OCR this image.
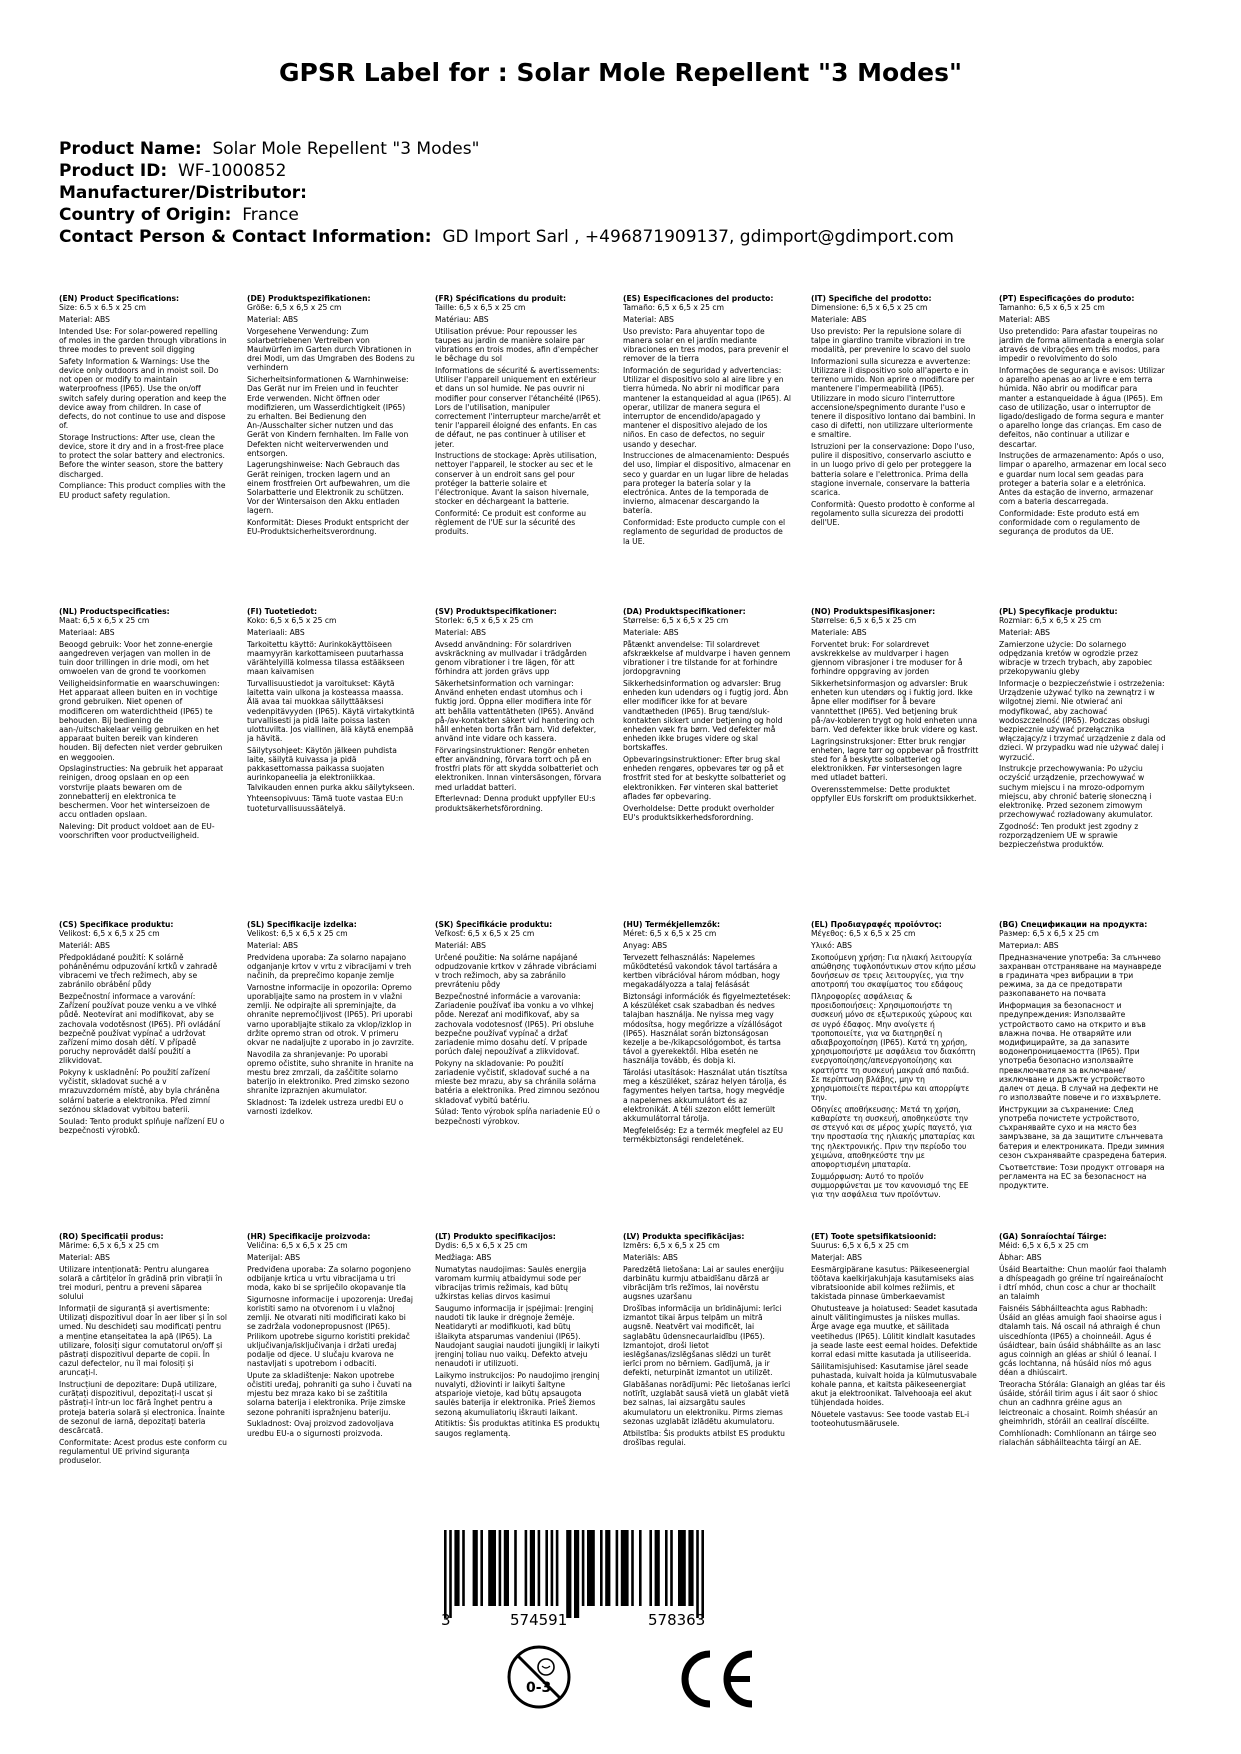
GPSR Label for : Solar Mole Repellent "3 Modes"
Product Name: Solar Mole Repellent "3 Modes"
Product ID: WF-1000852
Manufacturer/Distributor:
Country of Origin: France
Contact Person & Contact Information: GD Import Sarl , +496871909137, gdimport@gdimport.com
(EN) Product Specifications:

Size: 6.5 x 6.5 x 25 cm

Material: ABS

Intended Use: For solar-powered repelling of moles in the garden through vibrations in three modes to prevent soil digging

Safety Information & Warnings: Use the device only outdoors and in moist soil. Do not open or modify to maintain waterproofness (IP65). Use the on/off switch safely during operation and keep the device away from children. In case of defects, do not continue to use and dispose of.

Storage Instructions: After use, clean the device, store it dry and in a frost-free place to protect the solar battery and electronics. Before the winter season, store the battery discharged.

Compliance: This product complies with the EU product safety regulation.

(DE) Produktspezifikationen:

Größe: 6,5 x 6,5 x 25 cm

Material: ABS

Vorgesehene Verwendung: Zum solarbetriebenen Vertreiben von Maulwürfen im Garten durch Vibrationen in drei Modi, um das Umgraben des Bodens zu verhindern

Sicherheitsinformationen & Warnhinweise: Das Gerät nur im Freien und in feuchter Erde verwenden. Nicht öffnen oder modifizieren, um Wasserdichtigkeit (IP65) zu erhalten. Bei Bedienung den An-/Ausschalter sicher nutzen und das Gerät von Kindern fernhalten. Im Falle von Defekten nicht weiterverwenden und entsorgen.

Lagerungshinweise: Nach Gebrauch das Gerät reinigen, trocken lagern und an einem frostfreien Ort aufbewahren, um die Solarbatterie und Elektronik zu schützen. Vor der Wintersaison den Akku entladen lagern.

Konformität: Dieses Produkt entspricht der EU-Produktsicherheitsverordnung.

(FR) Spécifications du produit:

Taille: 6,5 x 6,5 x 25 cm

Matériau: ABS

Utilisation prévue: Pour repousser les taupes au jardin de manière solaire par vibrations en trois modes, afin d'empêcher le bêchage du sol

Informations de sécurité & avertissements: Utiliser l'appareil uniquement en extérieur et dans un sol humide. Ne pas ouvrir ni modifier pour conserver l'étanchéité (IP65). Lors de l'utilisation, manipuler correctement l'interrupteur marche/arrêt et tenir l'appareil éloigné des enfants. En cas de défaut, ne pas continuer à utiliser et jeter.

Instructions de stockage: Après utilisation, nettoyer l'appareil, le stocker au sec et le conserver à un endroit sans gel pour protéger la batterie solaire et l'électronique. Avant la saison hivernale, stocker en déchargeant la batterie.

Conformité: Ce produit est conforme au règlement de l'UE sur la sécurité des produits.

(ES) Especificaciones del producto:

Tamaño: 6,5 x 6,5 x 25 cm

Material: ABS

Uso previsto: Para ahuyentar topo de manera solar en el jardín mediante vibraciones en tres modos, para prevenir el remover de la tierra

Información de seguridad y advertencias: Utilizar el dispositivo solo al aire libre y en tierra húmeda. No abrir ni modificar para mantener la estanqueidad al agua (IP65). Al operar, utilizar de manera segura el interruptor de encendido/apagado y mantener el dispositivo alejado de los niños. En caso de defectos, no seguir usando y desechar.

Instrucciones de almacenamiento: Después del uso, limpiar el dispositivo, almacenar en seco y guardar en un lugar libre de heladas para proteger la batería solar y la electrónica. Antes de la temporada de invierno, almacenar descargando la batería.

Conformidad: Este producto cumple con el reglamento de seguridad de productos de la UE.

(IT) Specifiche del prodotto:

Dimensione: 6,5 x 6,5 x 25 cm

Materiale: ABS

Uso previsto: Per la repulsione solare di talpe in giardino tramite vibrazioni in tre modalità, per prevenire lo scavo del suolo

Informazioni sulla sicurezza e avvertenze: Utilizzare il dispositivo solo all'aperto e in terreno umido. Non aprire o modificare per mantenere l'impermeabilità (IP65). Utilizzare in modo sicuro l'interruttore accensione/spegnimento durante l'uso e tenere il dispositivo lontano dai bambini. In caso di difetti, non utilizzare ulteriormente e smaltire.

Istruzioni per la conservazione: Dopo l'uso, pulire il dispositivo, conservarlo asciutto e in un luogo privo di gelo per proteggere la batteria solare e l'elettronica. Prima della stagione invernale, conservare la batteria scarica.

Conformità: Questo prodotto è conforme al regolamento sulla sicurezza dei prodotti dell'UE.

(PT) Especificações do produto:

Tamanho: 6,5 x 6,5 x 25 cm

Material: ABS

Uso pretendido: Para afastar toupeiras no jardim de forma alimentada a energia solar através de vibrações em três modos, para impedir o revolvimento do solo

Informações de segurança e avisos: Utilizar o aparelho apenas ao ar livre e em terra húmida. Não abrir ou modificar para manter a estanqueidade à água (IP65). Em caso de utilização, usar o interruptor de ligado/desligado de forma segura e manter o aparelho longe das crianças. Em caso de defeitos, não continuar a utilizar e descartar.

Instruções de armazenamento: Após o uso, limpar o aparelho, armazenar em local seco e guardar num local sem geadas para proteger a bateria solar e a eletrónica. Antes da estação de inverno, armazenar com a bateria descarregada.

Conformidade: Este produto está em conformidade com o regulamento de segurança de produtos da UE.

(NL) Productspecificaties:

Maat: 6,5 x 6,5 x 25 cm

Materiaal: ABS

Beoogd gebruik: Voor het zonne-energie aangedreven verjagen van mollen in de tuin door trillingen in drie modi, om het omwoelen van de grond te voorkomen

Veiligheidsinformatie en waarschuwingen: Het apparaat alleen buiten en in vochtige grond gebruiken. Niet openen of modificeren om waterdichtheid (IP65) te behouden. Bij bediening de aan-/uitschakelaar veilig gebruiken en het apparaat buiten bereik van kinderen houden. Bij defecten niet verder gebruiken en weggooien.

Opslaginstructies: Na gebruik het apparaat reinigen, droog opslaan en op een vorstvrije plaats bewaren om de zonnebatterij en elektronica te beschermen. Voor het winterseizoen de accu ontladen opslaan.

Naleving: Dit product voldoet aan de EU-voorschriften voor productveiligheid.

(FI) Tuotetiedot:

Koko: 6,5 x 6,5 x 25 cm

Materiaali: ABS

Tarkoitettu käyttö: Aurinkokäyttöiseen maamyyrän karkottamiseen puutarhassa värähtelyillä kolmessa tilassa estääkseen maan kaivamisen

Turvallisuustiedot ja varoitukset: Käytä laitetta vain ulkona ja kosteassa maassa. Älä avaa tai muokkaa säilyttääksesi vedenpitävyyden (IP65). Käytä virtakytkintä turvallisesti ja pidä laite poissa lasten ulottuvilta. Jos viallinen, älä käytä enempää ja hävitä.

Säilytysohjeet: Käytön jälkeen puhdista laite, säilytä kuivassa ja pidä pakkasettomassa paikassa suojaten aurinkopaneelia ja elektroniikkaa. Talvikauden ennen purka akku säilytykseen.

Yhteensopivuus: Tämä tuote vastaa EU:n tuoteturvallisuussäätelyä.

(SV) Produktspecifikationer:

Storlek: 6,5 x 6,5 x 25 cm

Material: ABS

Avsedd användning: För solardriven avskräckning av mullvadar i trädgården genom vibrationer i tre lägen, för att förhindra att jorden grävs upp

Säkerhetsinformation och varningar: Använd enheten endast utomhus och i fuktig jord. Öppna eller modifiera inte för att behålla vattentätheten (IP65). Använd på-/av-kontakten säkert vid hantering och håll enheten borta från barn. Vid defekter, använd inte vidare och kassera.

Förvaringsinstruktioner: Rengör enheten efter användning, förvara torrt och på en frostfri plats för att skydda solbatteriet och elektroniken. Innan vintersäsongen, förvara med urladdat batteri.

Efterlevnad: Denna produkt uppfyller EU:s produktsäkerhetsförordning.

(DA) Produktspecifikationer:

Størrelse: 6,5 x 6,5 x 25 cm

Materiale: ABS

Påtænkt anvendelse: Til solardrevet afskrækkelse af muldvarpe i haven gennem vibrationer i tre tilstande for at forhindre jordopgravning

Sikkerhedsinformation og advarsler: Brug enheden kun udendørs og i fugtig jord. Åbn eller modificer ikke for at bevare vandtætheden (IP65). Brug tænd/sluk-kontakten sikkert under betjening og hold enheden væk fra børn. Ved defekter må enheden ikke bruges videre og skal bortskaffes.

Opbevaringsinstruktioner: Efter brug skal enheden rengøres, opbevares tør og på et frostfrit sted for at beskytte solbatteriet og elektronikken. Før vinteren skal batteriet aflades før opbevaring.

Overholdelse: Dette produkt overholder EU's produktsikkerhedsforordning.

(NO) Produktspesifikasjoner:

Størrelse: 6,5 x 6,5 x 25 cm

Materiale: ABS

Forventet bruk: For solardrevet avskrekkelse av muldvarper i hagen gjennom vibrasjoner i tre moduser for å forhindre oppgraving av jorden

Sikkerhetsinformasjon og advarsler: Bruk enheten kun utendørs og i fuktig jord. Ikke åpne eller modifiser for å bevare vanntetthet (IP65). Ved betjening bruk på-/av-kobleren trygt og hold enheten unna barn. Ved defekter ikke bruk videre og kast.

Lagringsinstruksjoner: Etter bruk rengjør enheten, lagre tørr og oppbevar på frostfritt sted for å beskytte solbatteriet og elektronikken. Før vintersesongen lagre med utladet batteri.

Overensstemmelse: Dette produktet oppfyller EUs forskrift om produktsikkerhet.

(PL) Specyfikacje produktu:

Rozmiar: 6,5 x 6,5 x 25 cm

Materiał: ABS

Zamierzone użycie: Do solarnego odpędzania kretów w ogrodzie przez wibracje w trzech trybach, aby zapobiec przekopywaniu gleby

Informacje o bezpieczeństwie i ostrzeżenia: Urządzenie używać tylko na zewnątrz i w wilgotnej ziemi. Nie otwierać ani modyfikować, aby zachować wodoszczelność (IP65). Podczas obsługi bezpiecznie używać przełącznika włączający/z i trzymać urządzenie z dala od dzieci. W przypadku wad nie używać dalej i wyrzucić.

Instrukcje przechowywania: Po użyciu oczyścić urządzenie, przechowywać w suchym miejscu i na mrozo-odpornym miejscu, aby chronić baterię słoneczną i elektronikę. Przed sezonem zimowym przechowywać rozładowany akumulator.

Zgodność: Ten produkt jest zgodny z rozporządzeniem UE w sprawie bezpieczeństwa produktów.

(CS) Specifikace produktu:

Velikost: 6,5 x 6,5 x 25 cm

Materiál: ABS

Předpokládané použití: K solárně poháněnému odpuzování krtků v zahradě vibracemi ve třech režimech, aby se zabránilo obrábění půdy

Bezpečnostní informace a varování: Zařízení používat pouze venku a ve vlhké půdě. Neotevírat ani modifikovat, aby se zachovala vodotěsnost (IP65). Při ovládání bezpečně používat vypínač a udržovat zařízení mimo dosah dětí. V případě poruchy neprovádět další použití a zlikvidovat.

Pokyny k uskladnění: Po použití zařízení vyčistit, skladovat suché a v mrazuvzdorném místě, aby byla chráněna solární baterie a elektronika. Před zimní sezónou skladovat vybitou baterii.

Soulad: Tento produkt splňuje nařízení EU o bezpečnosti výrobků.

(SL) Specifikacije izdelka:

Velikost: 6,5 x 6,5 x 25 cm

Material: ABS

Predvidena uporaba: Za solarno napajano odganjanje krtov v vrtu z vibracijami v treh načinih, da preprečimo kopanje zemlje

Varnostne informacije in opozorila: Opremo uporabljajte samo na prostem in v vlažni zemlji. Ne odpirajte ali spreminjajte, da ohranite nepremočljivost (IP65). Pri uporabi varno uporabljajte stikalo za vklop/izklop in držite opremo stran od otrok. V primeru okvar ne nadaljujte z uporabo in jo zavrzite.

Navodila za shranjevanje: Po uporabi opremo očistite, suho shranite in hranite na mestu brez zmrzali, da zaščitite solarno baterijo in elektroniko. Pred zimsko sezono shranite izpraznjen akumulator.

Skladnost: Ta izdelek ustreza uredbi EU o varnosti izdelkov.

(SK) Špecifikácie produktu:

Veľkosť: 6,5 x 6,5 x 25 cm

Materiál: ABS

Určené použitie: Na solárne napájané odpudzovanie krtkov v záhrade vibráciami v troch režimoch, aby sa zabránilo prevráteniu pôdy

Bezpečnostné informácie a varovania: Zariadenie používať iba vonku a vo vlhkej pôde. Nerezať ani modifikovať, aby sa zachovala vodotesnosť (IP65). Pri obsluhe bezpečne používať vypínač a držať zariadenie mimo dosahu detí. V prípade porúch ďalej nepoužívať a zlikvidovať.

Pokyny na skladovanie: Po použití zariadenie vyčistiť, skladovať suché a na mieste bez mrazu, aby sa chránila solárna batéria a elektronika. Pred zimnou sezónou skladovať vybitú batériu.

Súlad: Tento výrobok spĺňa nariadenie EÚ o bezpečnosti výrobkov.

(HU) Termékjellemzők:

Méret: 6,5 x 6,5 x 25 cm

Anyag: ABS

Tervezett felhasználás: Napelemes működtetésű vakondok távol tartására a kertben vibrációval három módban, hogy megakadályozza a talaj felásását

Biztonsági információk és figyelmeztetések: A készüléket csak szabadban és nedves talajban használja. Ne nyissa meg vagy módosítsa, hogy megőrizze a vízállóságot (IP65). Használat során biztonságosan kezelje a be-/kikapcsológombot, és tartsa távol a gyerekektől. Hiba esetén ne használja tovább, és dobja ki.

Tárolási utasítások: Használat után tisztítsa meg a készüléket, száraz helyen tárolja, és fagymentes helyen tartsa, hogy megvédje a napelemes akkumulátort és az elektronikát. A téli szezon előtt lemerült akkumulátorral tárolja.

Megfelelőség: Ez a termék megfelel az EU termékbiztonsági rendeletének.

(EL) Προδιαγραφές προϊόντος:

Μέγεθος: 6,5 x 6,5 x 25 cm

Υλικό: ABS

Σκοπούμενη χρήση: Για ηλιακή λειτουργία απώθησης τυφλοπόντικων στον κήπο μέσω δονήσεων σε τρεις λειτουργίες, για την αποτροπή του σκαψίματος του εδάφους

Πληροφορίες ασφάλειας & προειδοποιήσεις: Χρησιμοποιήστε τη συσκευή μόνο σε εξωτερικούς χώρους και σε υγρό έδαφος. Μην ανοίγετε ή τροποποιείτε, για να διατηρηθεί η αδιαβροχοποίηση (IP65). Κατά τη χρήση, χρησιμοποιήστε με ασφάλεια τον διακόπτη ενεργοποίησης/απενεργοποίησης και κρατήστε τη συσκευή μακριά από παιδιά. Σε περίπτωση βλάβης, μην τη χρησιμοποιείτε περαιτέρω και απορρίψτε την.

Οδηγίες αποθήκευσης: Μετά τη χρήση, καθαρίστε τη συσκευή, αποθηκεύστε την σε στεγνό και σε μέρος χωρίς παγετό, για την προστασία της ηλιακής μπαταρίας και της ηλεκτρονικής. Πριν την περίοδο του χειμώνα, αποθηκεύστε την με αποφορτισμένη μπαταρία.

Συμμόρφωση: Αυτό το προϊόν συμμορφώνεται με τον κανονισμό της ΕΕ για την ασφάλεια των προϊόντων.

(BG) Спецификации на продукта:

Размер: 6,5 x 6,5 x 25 cm

Материал: ABS

Предназначение употреба: За слънчево захранван отстраняване на маунавреде в градината чрез вибрации в три режима, за да се предотврати разкопаването на почвата

Информация за безопасност и предупреждения: Използвайте устройството само на открито и във влажна почва. Не отваряйте или модифицирайте, за да запазите водонепроницаемостта (IP65). При употреба безопасно използвайте превключвателя за включване/изключване и дръжте устройството далеч от деца. В случай на дефекти не го използвайте повече и го изхвърлете.

Инструкции за съхранение: След употреба почистете устройството, съхранявайте сухо и на място без замръзване, за да защитите слънчевата батерия и електрониката. Преди зимния сезон съхранявайте сразредена батерия.

Съответствие: Този продукт отговаря на регламента на ЕС за безопасност на продуктите.

(RO) Specificații produs:

Mărime: 6,5 x 6,5 x 25 cm

Material: ABS

Utilizare intenționată: Pentru alungarea solară a cârtițelor în grădină prin vibrații în trei moduri, pentru a preveni săparea solului

Informații de siguranță și avertismente: Utilizați dispozitivul doar în aer liber și în sol umed. Nu deschideți sau modificați pentru a menține etanșeitatea la apă (IP65). La utilizare, folosiți sigur comutatorul on/off și păstrați dispozitivul departe de copii. În cazul defectelor, nu îl mai folosiți și aruncați-l.

Instrucțiuni de depozitare: După utilizare, curățați dispozitivul, depozitați-l uscat și păstrați-l într-un loc fără înghet pentru a proteja bateria solară și electronica. Înainte de sezonul de iarnă, depozitați bateria descărcată.

Conformitate: Acest produs este conform cu regulamentul UE privind siguranța produselor.

(HR) Specifikacije proizvoda:

Veličina: 6,5 x 6,5 x 25 cm

Materijal: ABS

Predviđena uporaba: Za solarno pogonjeno odbijanje krtica u vrtu vibracijama u tri moda, kako bi se spriječilo okopavanje tla

Sigurnosne informacije i upozorenja: Uređaj koristiti samo na otvorenom i u vlažnoj zemlji. Ne otvarati niti modificirati kako bi se zadržala vodonepropusnost (IP65). Prilikom upotrebe sigurno koristiti prekidač uključivanja/isključivanja i držati uređaj podalje od djece. U slučaju kvarova ne nastavljati s upotrebom i odbaciti.

Upute za skladištenje: Nakon upotrebe očistiti uređaj, pohraniti ga suho i čuvati na mjestu bez mraza kako bi se zaštitila solarna baterija i elektronika. Prije zimske sezone pohraniti ispražnjenu bateriju.

Sukladnost: Ovaj proizvod zadovoljava uredbu EU-a o sigurnosti proizvoda.

(LT) Produkto specifikacijos:

Dydis: 6,5 x 6,5 x 25 cm

Medžiaga: ABS

Numatytas naudojimas: Saulės energija varomam kurmių atbaidymui sode per vibracijas trimis režimais, kad būtų užkirstas kelias dirvos kasimui

Saugumo informacija ir įspėjimai: Įrenginį naudoti tik lauke ir drėgnoje žemėje. Neatidaryti ar modifikuoti, kad būtų išlaikyta atsparumas vandeniui (IP65). Naudojant saugiai naudoti įjungiklį ir laikyti įrenginį toliau nuo vaikų. Defekto atveju nenaudoti ir utilizuoti.

Laikymo instrukcijos: Po naudojimo įrenginį nuvalyti, džiovinti ir laikyti šaltyne atsparioje vietoje, kad būtų apsaugota saulės baterija ir elektronika. Prieš žiemos sezoną akumuliatorių iškrauti laikant.

Atitiktis: Šis produktas atitinka ES produktų saugos reglamentą.

(LV) Produkta specifikācijas:

Izmērs: 6,5 x 6,5 x 25 cm

Materiāls: ABS

Paredzētā lietošana: Lai ar saules enerģiju darbinātu kurmju atbaidīšanu dārzā ar vibrācijām trīs režīmos, lai novērstu augsnes uzaršanu

Drošības informācija un brīdinājumi: Ierīci izmantot tikai ārpus telpām un mitrā augsnē. Neatvērt vai modificēt, lai saglabātu ūdensnecaurlaidību (IP65). Izmantojot, droši lietot ieslēgšanas/izslēgšanas slēdzi un turēt ierīci prom no bērniem. Gadījumā, ja ir defekti, neturpināt izmantot un utilizēt.

Glabāšanas norādījumi: Pēc lietošanas ierīci notīrīt, uzglabāt sausā vietā un glabāt vietā bez salnas, lai aizsargātu saules akumulatoru un elektroniku. Pirms ziemas sezonas uzglabāt izlādētu akumulatoru.

Atbilstība: Šis produkts atbilst ES produktu drošības regulai.

(ET) Toote spetsifikatsioonid:

Suurus: 6,5 x 6,5 x 25 cm

Materjal: ABS

Eesmärgipärane kasutus: Päikeseenergial töötava kaelkirjakuhjaja kasutamiseks aias vibratsioonide abil kolmes režiimis, et takistada pinnase ümberkaevamist

Ohutusteave ja hoiatused: Seadet kasutada ainult välitingimustes ja niiskes mullas. Ärge avage ega muutke, et säilitada veetihedus (IP65). Lülitit kindlalt kasutades ja seade laste eest eemal hoides. Defektide korral edasi mitte kasutada ja utiliseerida.

Säilitamisjuhised: Kasutamise järel seade puhastada, kuivalt hoida ja külmutusvabale kohale panna, et kaitsta päikeseenergiat akut ja elektroonikat. Talvehooaja eel akut tühjendada hoides.

Nõuetele vastavus: See toode vastab EL-i tooteohutusmäärusele.

(GA) Sonraíochtaí Táirge:

Méid: 6,5 x 6,5 x 25 cm

Ábhar: ABS

Úsáid Beartaithe: Chun maolúr faoi thalamh a dhíspeagadh go gréine trí ngaireánaíocht i dtrí mhód, chun cosc a chur ar thochailt an talaimh

Faisnéis Sábháilteachta agus Rabhadh: Úsáid an gléas amuigh faoi shaoirse agus i dtalamh tais. Ná oscail ná athraigh é chun uiscedhíonta (IP65) a choinneáil. Agus é úsáidtear, bain úsáid shábháilte as an lasc agus coinnigh an gléas ar shiúl ó leanaí. I gcás lochtanna, ná húsáid níos mó agus déan a dhiúscairt.

Treoracha Stórála: Glanaigh an gléas tar éis úsáide, stóráil tirim agus i áit saor ó shioc chun an cadhnra gréine agus an leictreonaic a chosaint. Roimh shéasúr an gheimhridh, stóráil an ceallraí díscéilte.

Comhlíonadh: Comhlíonann an táirge seo rialachán sábháilteachta táirgí an AE.

3	574591	578363
0-3
